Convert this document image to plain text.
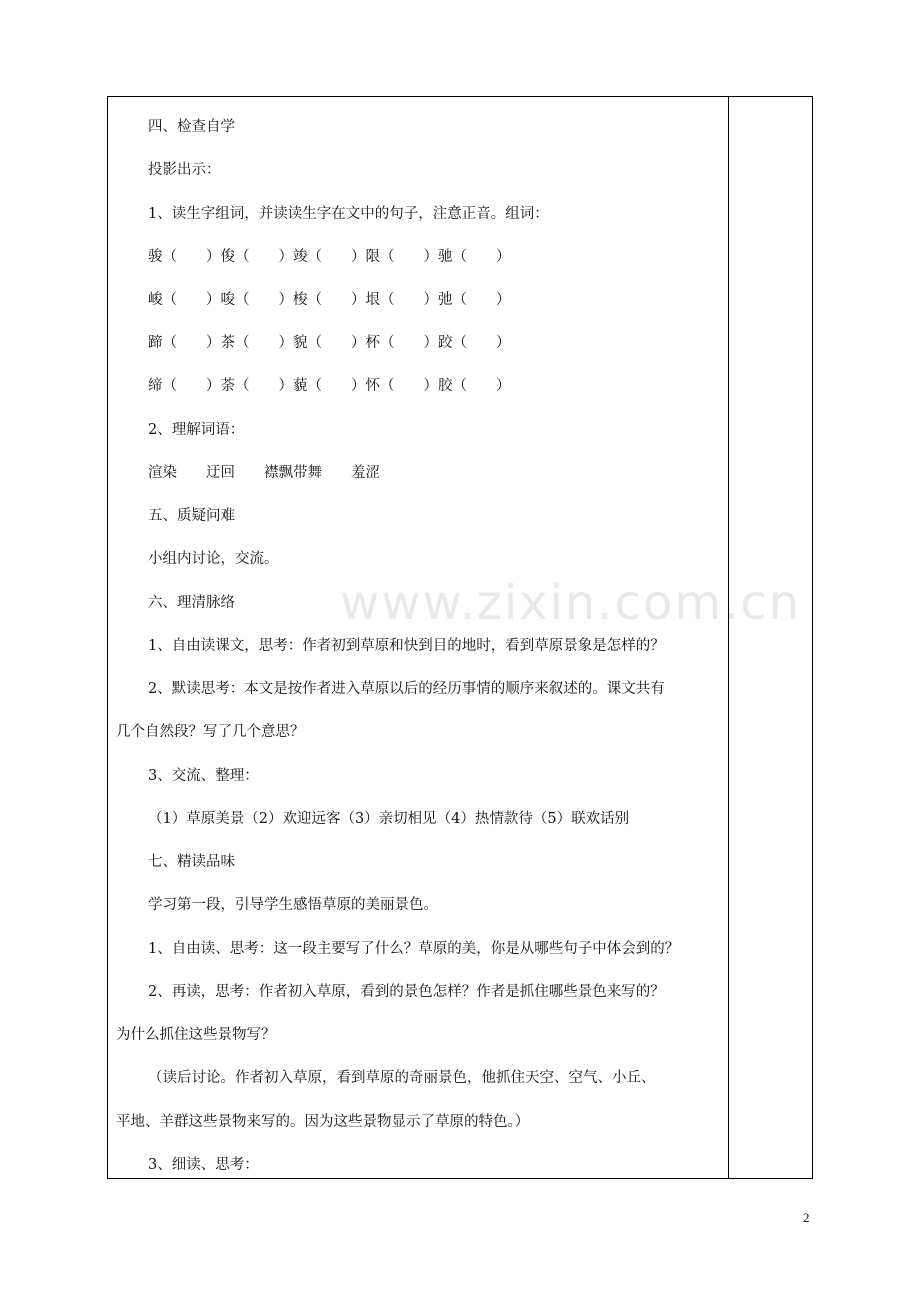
www.zixin.com.cn
四、检查自学
投影出示：
1、读生字组词，并读读生字在文中的句子，注意正音。组词：
骏（　　）俊（　　）竣（　　）限（　　）驰（　　）
峻（　　）唆（　　）梭（　　）垠（　　）弛（　　）
蹄（　　）茶（　　）貌（　　）杯（　　）跤（　　）
缔（　　）荼（　　）藐（　　）怀（　　）胶（　　）
2、理解词语：
渲染　　迂回　　襟飘带舞　　羞涩
五、质疑问难
小组内讨论，交流。
六、理清脉络
1、自由读课文，思考：作者初到草原和快到目的地时，看到草原景象是怎样的？
2、默读思考：本文是按作者进入草原以后的经历事情的顺序来叙述的。课文共有
几个自然段？写了几个意思？
3、交流、整理：
（1）草原美景（2）欢迎远客（3）亲切相见（4）热情款待（5）联欢话别
七、精读品味
学习第一段，引导学生感悟草原的美丽景色。
1、自由读、思考：这一段主要写了什么？草原的美，你是从哪些句子中体会到的？
2、再读，思考：作者初入草原，看到的景色怎样？作者是抓住哪些景色来写的？
为什么抓住这些景物写？
（读后讨论。作者初入草原，看到草原的奇丽景色，他抓住天空、空气、小丘、
平地、羊群这些景物来写的。因为这些景物显示了草原的特色。）
3、细读、思考：
2
